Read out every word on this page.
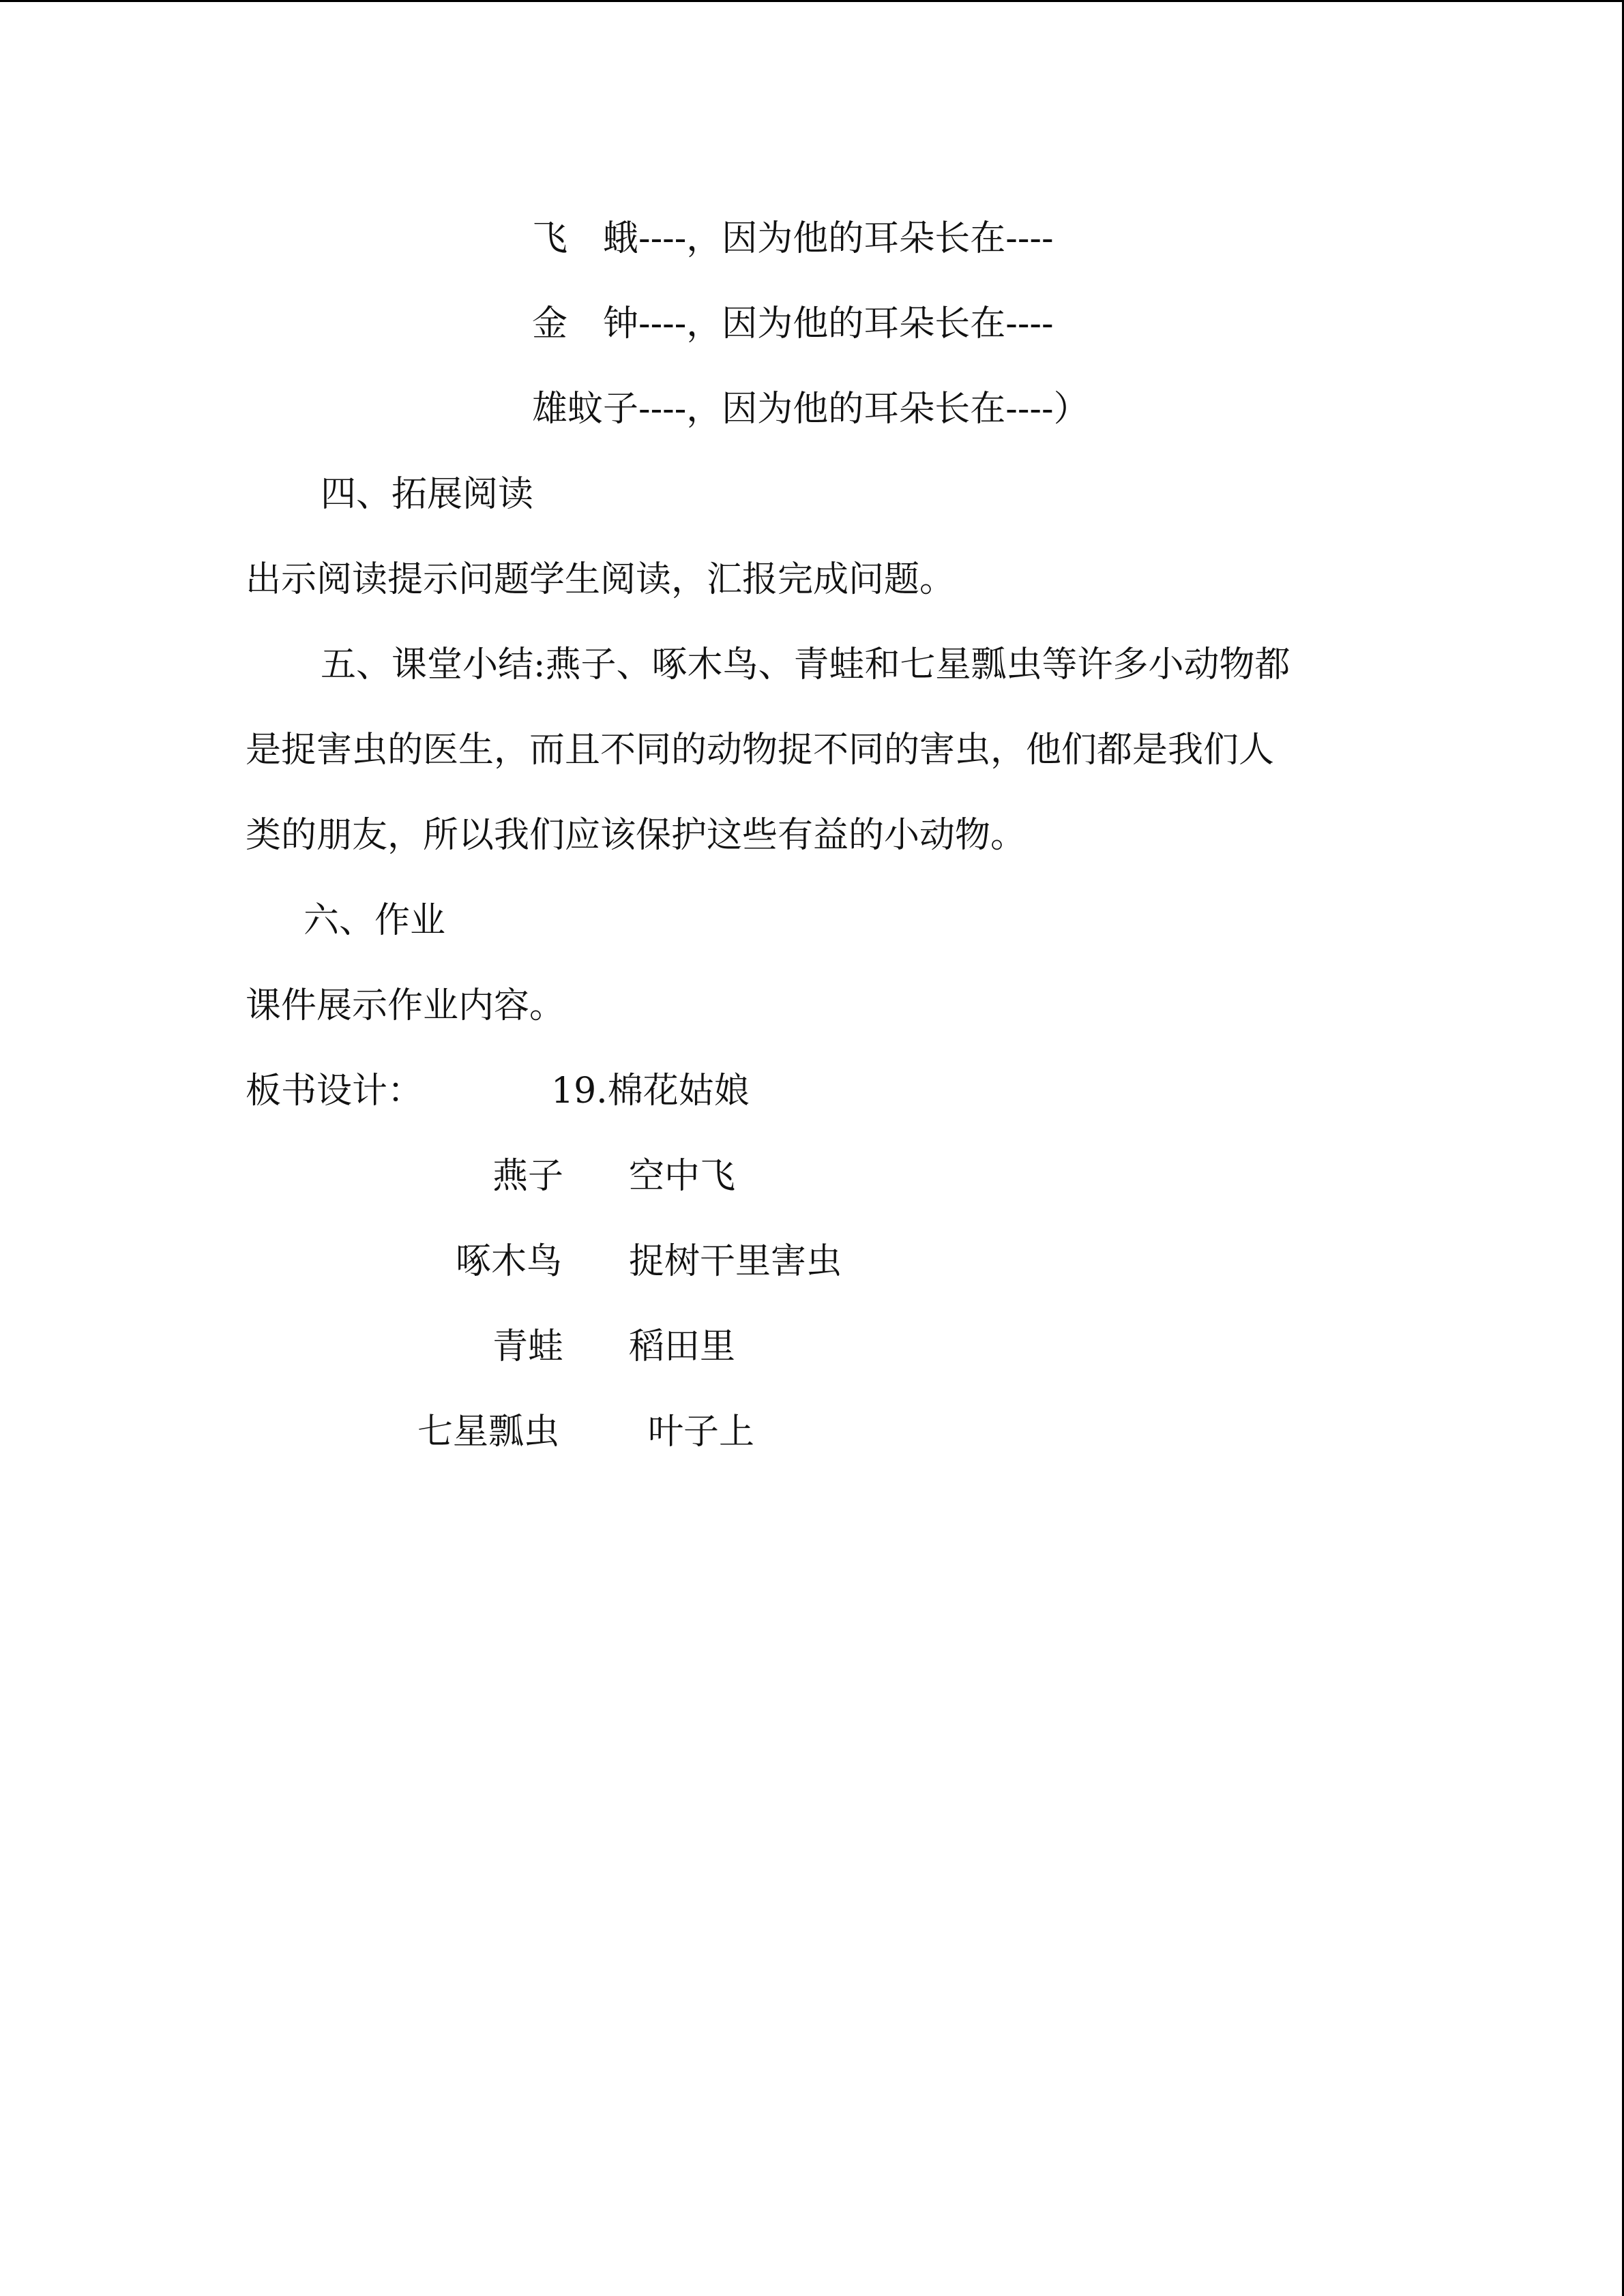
飞　蛾----，因为他的耳朵长在----
金　钟----，因为他的耳朵长在----
雄蚊子----，因为他的耳朵长在----）
四、拓展阅读
出示阅读提示问题学生阅读，汇报完成问题。
五、课堂小结:燕子、啄木鸟、青蛙和七星瓢虫等许多小动物都
是捉害虫的医生，而且不同的动物捉不同的害虫，他们都是我们人
类的朋友，所以我们应该保护这些有益的小动物。
六、作业
课件展示作业内容。
板书设计：	19.棉花姑娘
燕子 空中飞
啄木鸟 捉树干里害虫
青蛙 稻田里
七星瓢虫 叶子上
